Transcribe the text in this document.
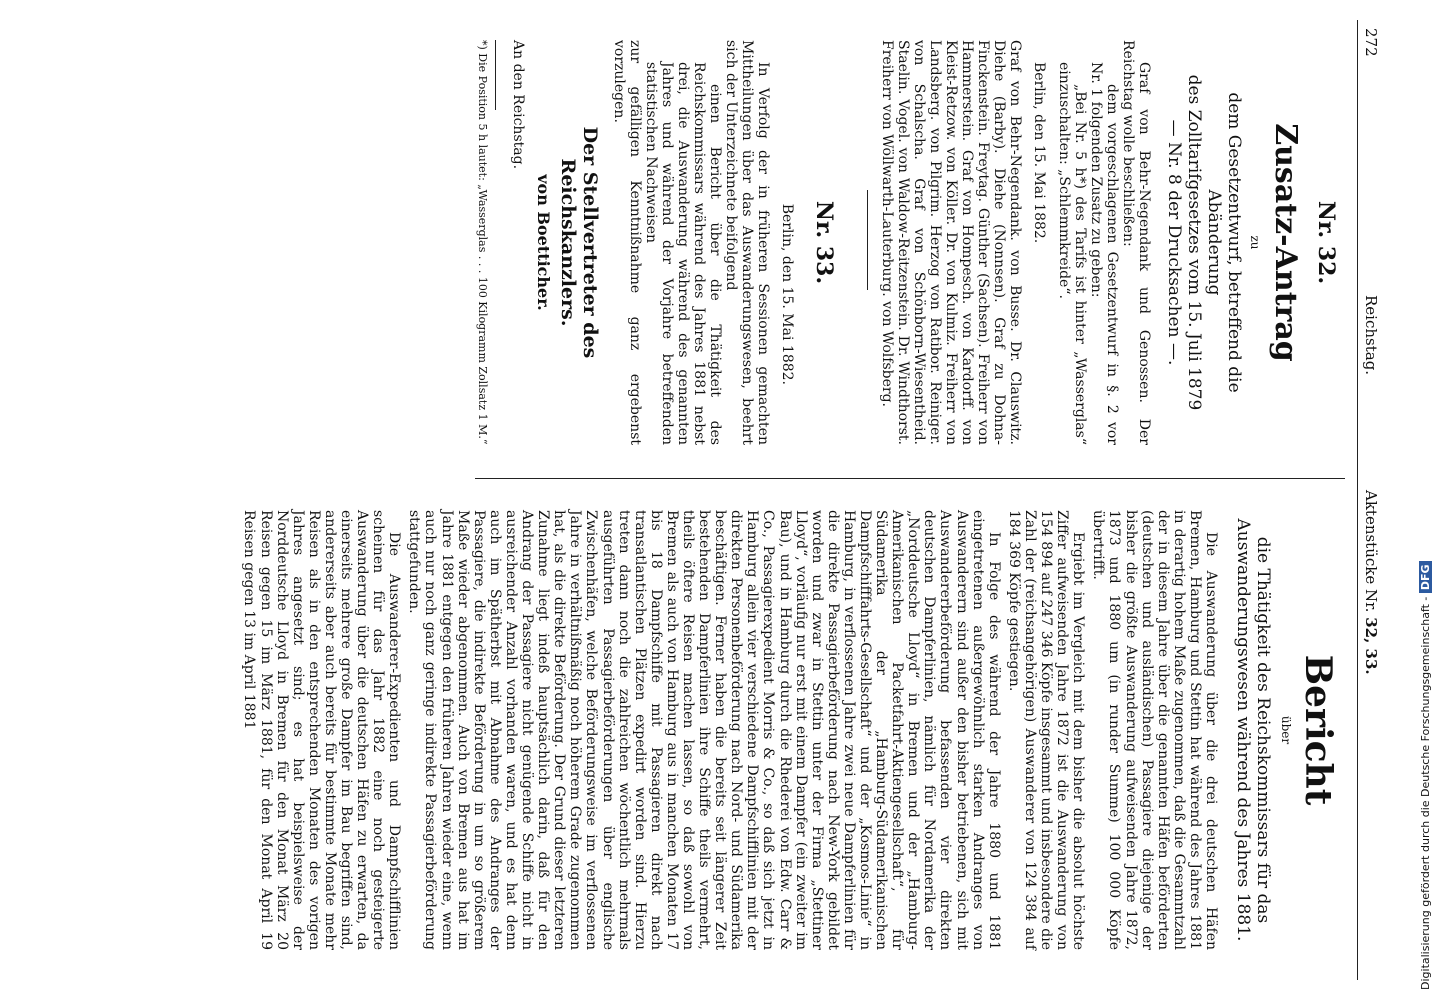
272
Reichstag.
Aktenstücke Nr. 32, 33.
Nr. 32.
Zusatz-Antrag
zu
dem Gesetzentwurf, betreffend die Abänderung
des Zolltarifgesetzes vom 15. Juli 1879
— Nr. 8 der Drucksachen —.

Graf von Behr-Negendank und Genossen. Der Reichstag wolle beschließen:

dem vorgeschlagenen Gesetzentwurf in §. 2 vor Nr. 1 folgenden Zusatz zu geben:

„Bei Nr. 5 h*) des Tarifs ist hinter „Wasserglas“ einzuschalten: „Schlemmkreide“.

Berlin, den 15. Mai 1882.

Graf von Behr-Negendank. von Busse. Dr. Clauswitz. Diehe (Barby). Diehe (Nonnsen). Graf zu Dohna-Finckenstein. Freytag. Günther (Sachsen). Freiherr von Hammerstein. Graf von Hompesch. von Kardorff. von Kleist-Retzow. von Köller. Dr. von Kulmiz. Freiherr von Landsberg. von Pilgrim. Herzog von Ratibor. Reiniger. von Schalscha. Graf von Schönborn-Wiesentheid. Staelin. Vogel. von Waldow-Reitzenstein. Dr. Windthorst. Freiherr von Wöllwarth-Lauterburg. von Wolfsberg.

Nr. 33.
Berlin, den 15. Mai 1882.

In Verfolg der in früheren Sessionen gemachten Mittheilungen über das Auswanderungswesen, beehrt sich der Unterzeichnete beifolgend

einen Bericht über die Thätigkeit des Reichskommissars während des Jahres 1881 nebst drei, die Auswanderung während des genannten Jahres und während der Vorjahre betreffenden statistischen Nachweisen

zur gefälligen Kenntnißnahme ganz ergebenst vorzulegen.

Der Stellvertreter des Reichskanzlers.
von Boetticher.
An den Reichstag.
*) Die Position 5 h lautet: „Wasserglas . . . 100 Kilogramm Zollsatz 1 M.“
Bericht
über
die Thätigkeit des Reichskommissars für das
Auswanderungswesen während des Jahres 1881.

Die Auswanderung über die drei deutschen Häfen Bremen, Hamburg und Stettin hat während des Jahres 1881 in derartig hohem Maße zugenommen, daß die Gesammtzahl der in diesem Jahre über die genannten Häfen beförderten (deutschen und ausländischen) Passagiere diejenige der bisher die größte Auswanderung aufweisenden Jahre 1872, 1873 und 1880 um (in runder Summe) 100 000 Köpfe übertrifft.

Ergiebt im Vergleich mit dem bisher die absolut höchste Ziffer aufweisenden Jahre 1872 ist die Auswanderung von 154 894 auf 247 346 Köpfe insgesammt und insbesondere die Zahl der (reichsangehörigen) Auswanderer von 124 384 auf 184 369 Köpfe gestiegen.

In Folge des während der Jahre 1880 und 1881 eingetretenen außergewöhnlich starken Andranges von Auswanderern sind außer den bisher betriebenen, sich mit Auswandererbeförderung befassenden vier direkten deutschen Dampferlinien, nämlich für Nordamerika der „Norddeutsche Lloyd“ in Bremen und der „Hamburg-Amerikanischen Packetfahrt-Aktiengesellschaft“, für Südamerika der „Hamburg-Südamerikanischen Dampfschifffahrts-Gesellschaft“ und der „Kosmos-Linie“ in Hamburg, in verflossenen Jahre zwei neue Dampferlinien für die direkte Passagierbeförderung nach New-York gebildet worden und zwar in Stettin unter der Firma „Stettiner Lloyd“, vorläufig nur erst mit einem Dampfer (ein zweiter im Bau), und in Hamburg durch die Rhederei von Edw. Carr & Co., Passagierexpedient Morris & Co., so daß sich jetzt in Hamburg allein vier verschiedene Dampfschifflinien mit der direkten Personenbeförderung nach Nord- und Südamerika beschäftigen. Ferner haben die bereits seit längerer Zeit bestehenden Dampferlinien ihre Schiffe theils vermehrt, theils öftere Reisen machen lassen, so daß sowohl von Bremen als auch von Hamburg aus in manchen Monaten 17 bis 18 Dampfschiffe mit Passagieren direkt nach transatlantischen Plätzen expedirt worden sind. Hierzu treten dann noch die zahlreichen wöchentlich mehrmals ausgeführten Passagierbeförderungen über englische Zwischenhäfen, welche Beförderungsweise im verflossenen Jahre in verhältnißmäßig noch höherem Grade zugenommen hat, als die direkte Beförderung. Der Grund dieser letzteren Zunahme liegt indeß hauptsächlich darin, daß für den Andrang der Passagiere nicht genügende Schiffe nicht in ausreichender Anzahl vorhanden waren, und es hat denn auch im Spätherbst mit Abnahme des Andranges der Passagiere, die indirekte Beförderung in um so größerem Maße wieder abgenommen. Auch von Bremen aus hat im Jahre 1881 entgegen den früheren Jahren wieder eine, wenn auch nur noch ganz geringe indirekte Passagierbeförderung stattgefunden.

Die Auswanderer-Expedienten und Dampfschifflinien scheinen für das Jahr 1882 eine noch gesteigerte Auswanderung über die deutschen Häfen zu erwarten, da einerseits mehrere große Dampfer im Bau begriffen sind, andererseits aber auch bereits für bestimmte Monate mehr Reisen als in den entsprechenden Monaten des vorigen Jahres angesetzt sind; es hat beispielsweise der Norddeutsche Lloyd in Bremen für den Monat März 20 Reisen gegen 15 im März 1881, für den Monat April 19 Reisen gegen 13 im April 1881	Digitalisierung gefördert durch die Deutsche Forschungsgemeinschaft - DFG
